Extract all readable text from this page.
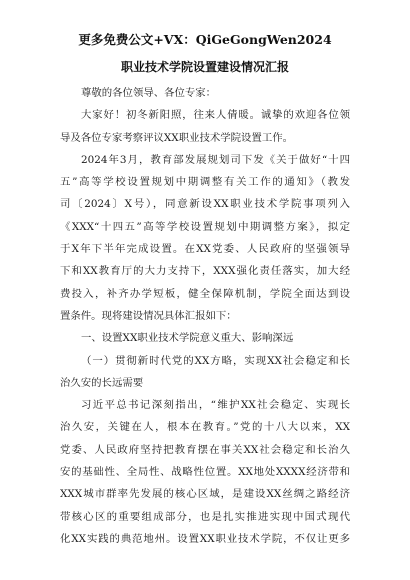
更多免费公文+VX：QiGeGongWen2024
职业技术学院设置建设情况汇报
尊敬的各位领导、各位专家：
大家好！初冬新阳照，往来人倩暖。诚挚的欢迎各位领
导及各位专家考察评议XX职业技术学院设置工作。
2024年3月，教育部发展规划司下发《关于做好“十四
五”高等学校设置规划中期调整有关工作的通知》（教发
司〔2024〕X号），同意新设XX职业技术学院事项列入
《XXX“十四五”高等学校设置规划中期调整方案》，拟定
于X年下半年完成设置。在XX党委、人民政府的坚强领导
下和XX教育厅的大力支持下，XXX强化责任落实，加大经
费投入，补齐办学短板，健全保障机制，学院全面达到设
置条件。现将建设情况具体汇报如下：
一、设置XX职业技术学院意义重大、影响深远
（一）贯彻新时代党的XX方略，实现XX社会稳定和长
治久安的长远需要
习近平总书记深刻指出，“维护XX社会稳定、实现长
治久安，关键在人，根本在教育。”党的十八大以来，XX
党委、人民政府坚持把教育摆在事关XX社会稳定和长治久
安的基础性、全局性、战略性位置。XX地处XXXX经济带和
XXX城市群率先发展的核心区域，是建设XX丝绸之路经济
带核心区的重要组成部分，也是扎实推进实现中国式现代
化XX实践的典范地州。设置XX职业技术学院，不仅让更多
